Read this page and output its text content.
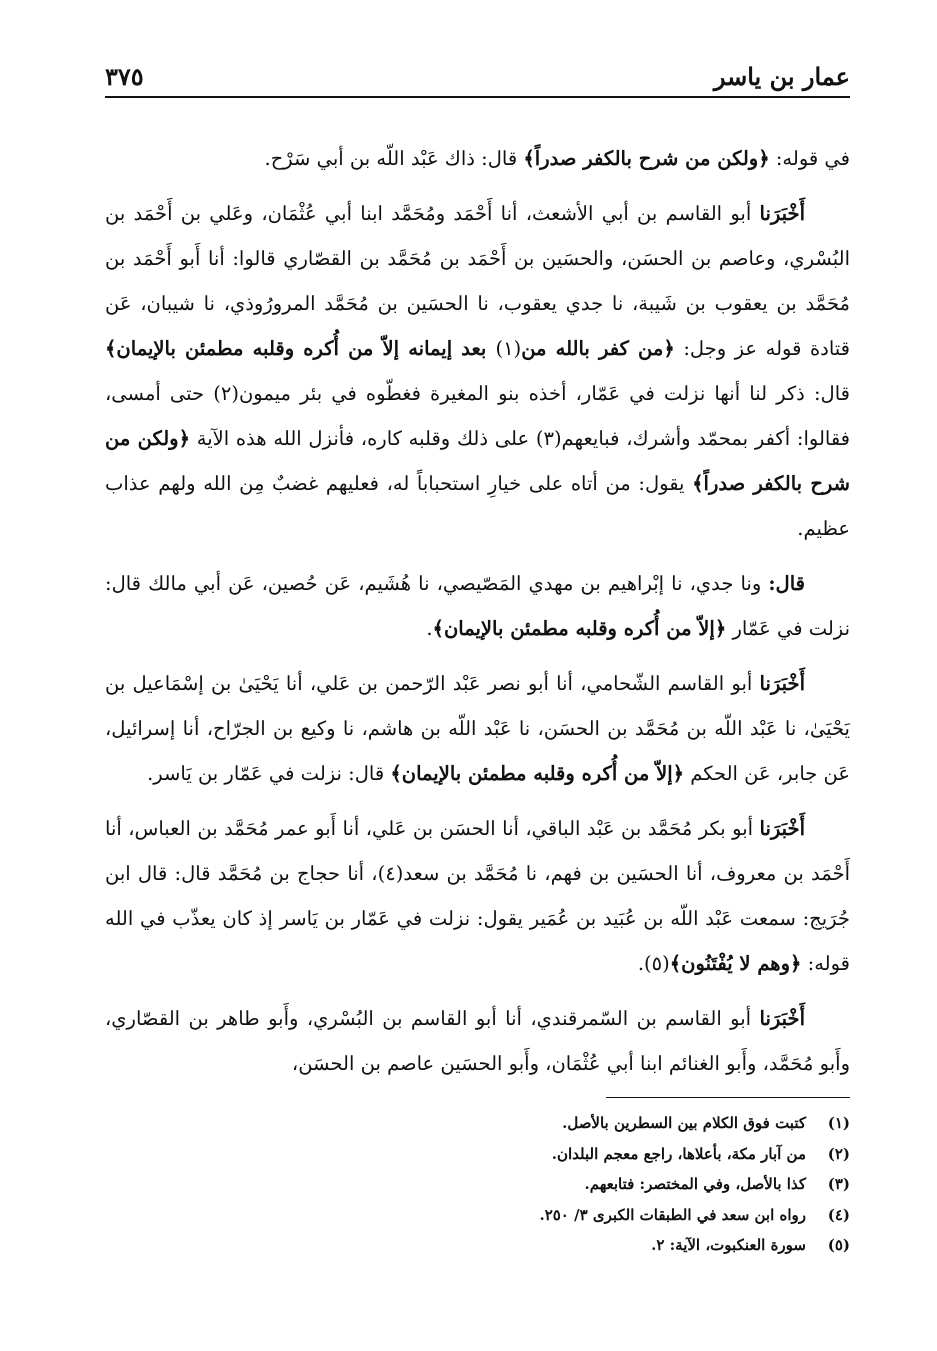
عمار بن ياسر
٣٧٥

في قوله: ﴿ولكن من شرح بالكفر صدراً﴾ قال: ذاك عَبْد اللّه بن أبي سَرْح.

أَخْبَرَنا أبو القاسم بن أبي الأشعث، أنا أَحْمَد ومُحَمَّد ابنا أبي عُثْمَان، وعَلي بن أَحْمَد بن البُسْري، وعاصم بن الحسَن، والحسَين بن أَحْمَد بن مُحَمَّد بن القصّاري قالوا: أنا أَبو أَحْمَد بن مُحَمَّد بن يعقوب بن شَيبة، نا جدي يعقوب، نا الحسَين بن مُحَمَّد المرورُوذي، نا شيبان، عَن قتادة قوله عز وجل: ﴿من كفر بالله من(١) بعد إيمانه إلاّ من أُكره وقلبه مطمئن بالإيمان﴾ قال: ذكر لنا أنها نزلت في عَمّار، أخذه بنو المغيرة فغطّوه في بئر ميمون(٢) حتى أمسى، فقالوا: أكفر بمحمّد وأشرك، فبايعهم(٣) على ذلك وقلبه كاره، فأنزل الله هذه الآية ﴿ولكن من شرح بالكفر صدراً﴾ يقول: من أتاه على خيارِ استحباباً له، فعليهم غضبٌ مِن الله ولهم عذاب عظيم.

قال: ونا جدي، نا إبْراهيم بن مهدي المَصّيصي، نا هُشَيم، عَن حُصين، عَن أبي مالك قال: نزلت في عَمّار ﴿إلاّ من أُكره وقلبه مطمئن بالإيمان﴾.

أَخْبَرَنا أبو القاسم الشّحامي، أنا أبو نصر عَبْد الرّحمن بن عَلي، أنا يَحْيَىٰ بن إسْمَاعيل بن يَحْيَىٰ، نا عَبْد اللّه بن مُحَمَّد بن الحسَن، نا عَبْد اللّه بن هاشم، نا وكيع بن الجرّاح، أنا إسرائيل، عَن جابر، عَن الحكم ﴿إلاّ من أُكره وقلبه مطمئن بالإيمان﴾ قال: نزلت في عَمّار بن يَاسر.

أَخْبَرَنا أبو بكر مُحَمَّد بن عَبْد الباقي، أنا الحسَن بن عَلي، أنا أَبو عمر مُحَمَّد بن العباس، أنا أَحْمَد بن معروف، أنا الحسَين بن فهم، نا مُحَمَّد بن سعد(٤)، أنا حجاج بن مُحَمَّد قال: قال ابن جُرَيج: سمعت عَبْد اللّه بن عُبَيد بن عُمَير يقول: نزلت في عَمّار بن يَاسر إذ كان يعذّب في الله قوله: ﴿وهم لا يُفْتَنُون﴾(٥).

أَخْبَرَنا أبو القاسم بن السّمرقندي، أنا أبو القاسم بن البُسْري، وأَبو طاهر بن القصّاري، وأَبو مُحَمَّد، وأَبو الغنائم ابنا أبي عُثْمَان، وأَبو الحسَين عاصم بن الحسَن،

(١)
كتبت فوق الكلام بين السطرين بالأصل.
(٢)
من آبار مكة، بأعلاها، راجع معجم البلدان.
(٣)
كذا بالأصل، وفي المختصر: فتابعهم.
(٤)
رواه ابن سعد في الطبقات الكبرى ٣/ ٢٥٠.
(٥)
سورة العنكبوت، الآية: ٢.
